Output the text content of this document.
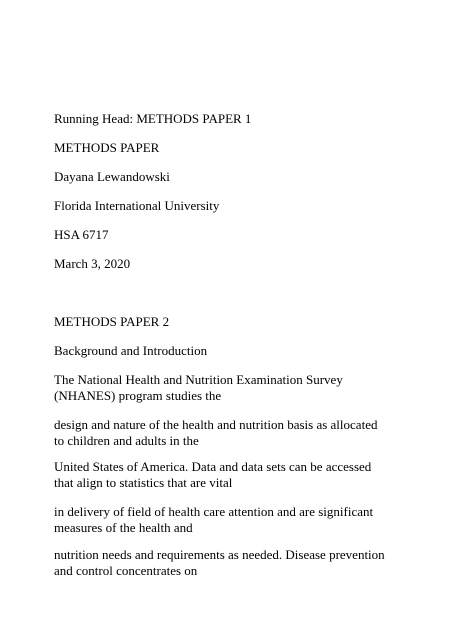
Running Head: METHODS PAPER 1
METHODS PAPER
Dayana Lewandowski
Florida International University
HSA 6717
March 3, 2020
METHODS PAPER 2
Background and Introduction
The National Health and Nutrition Examination Survey
(NHANES) program studies the
design and nature of the health and nutrition basis as allocated
to children and adults in the
United States of America. Data and data sets can be accessed
that align to statistics that are vital
in delivery of field of health care attention and are significant
measures of the health and
nutrition needs and requirements as needed. Disease prevention
and control concentrates on
